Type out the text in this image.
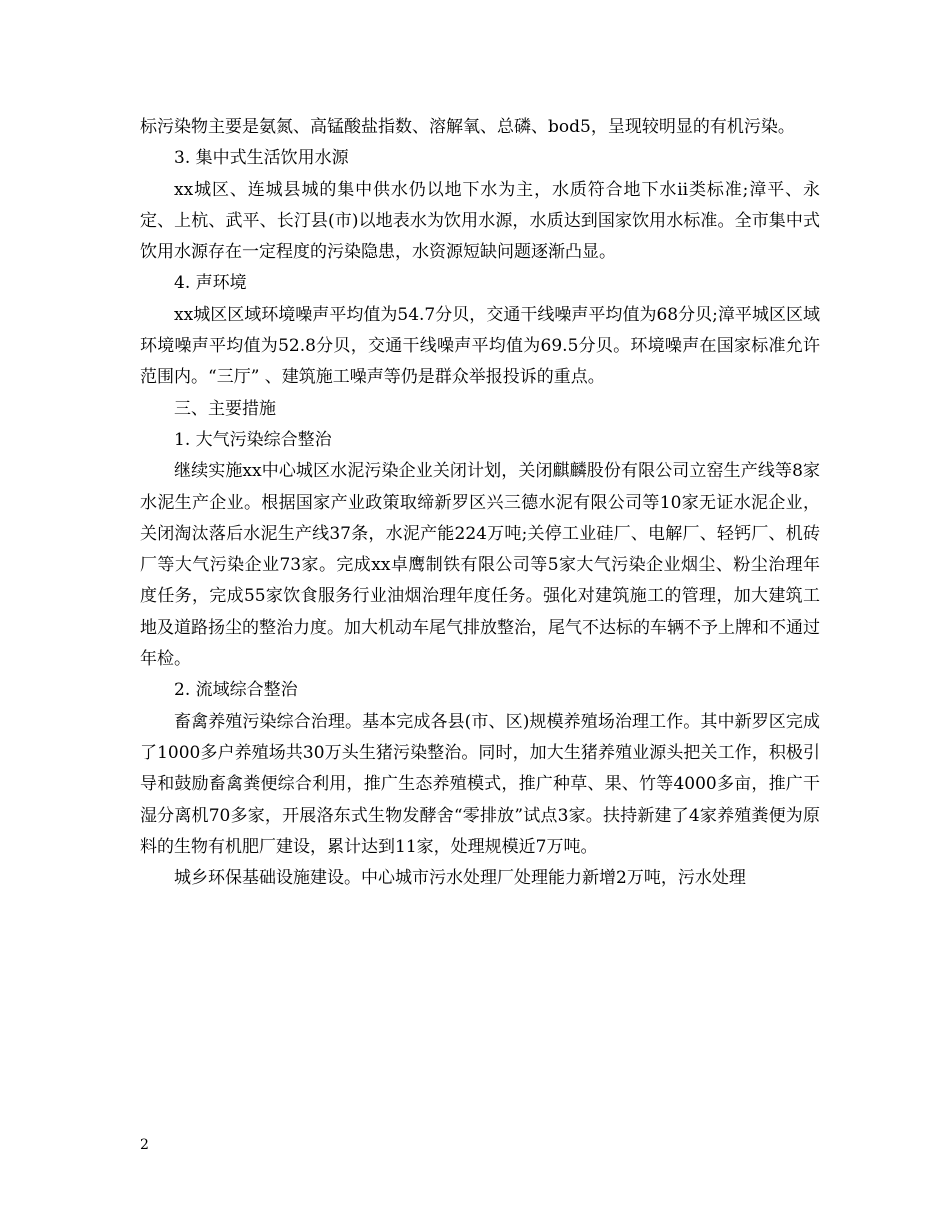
标污染物主要是氨氮、高锰酸盐指数、溶解氧、总磷、bod5，呈现较明显的有机污染。

3. 集中式生活饮用水源

xx城区、连城县城的集中供水仍以地下水为主，水质符合地下水ii类标准;漳平、永定、上杭、武平、长汀县(市)以地表水为饮用水源，水质达到国家饮用水标准。全市集中式饮用水源存在一定程度的污染隐患，水资源短缺问题逐渐凸显。

4. 声环境

xx城区区域环境噪声平均值为54.7分贝，交通干线噪声平均值为68分贝;漳平城区区域环境噪声平均值为52.8分贝，交通干线噪声平均值为69.5分贝。环境噪声在国家标准允许范围内。“三厅” 、建筑施工噪声等仍是群众举报投诉的重点。

三、主要措施

1. 大气污染综合整治

继续实施xx中心城区水泥污染企业关闭计划，关闭麒麟股份有限公司立窑生产线等8家水泥生产企业。根据国家产业政策取缔新罗区兴三德水泥有限公司等10家无证水泥企业，关闭淘汰落后水泥生产线37条，水泥产能224万吨;关停工业硅厂、电解厂、轻钙厂、机砖厂等大气污染企业73家。完成xx卓鹰制铁有限公司等5家大气污染企业烟尘、粉尘治理年度任务，完成55家饮食服务行业油烟治理年度任务。强化对建筑施工的管理，加大建筑工地及道路扬尘的整治力度。加大机动车尾气排放整治，尾气不达标的车辆不予上牌和不通过年检。

2. 流域综合整治

畜禽养殖污染综合治理。基本完成各县(市、区)规模养殖场治理工作。其中新罗区完成了1000多户养殖场共30万头生猪污染整治。同时，加大生猪养殖业源头把关工作，积极引导和鼓励畜禽粪便综合利用，推广生态养殖模式，推广种草、果、竹等4000多亩，推广干湿分离机70多家，开展洛东式生物发酵舍“零排放”试点3家。扶持新建了4家养殖粪便为原料的生物有机肥厂建设，累计达到11家，处理规模近7万吨。

城乡环保基础设施建设。中心城市污水处理厂处理能力新增2万吨，污水处理

2
